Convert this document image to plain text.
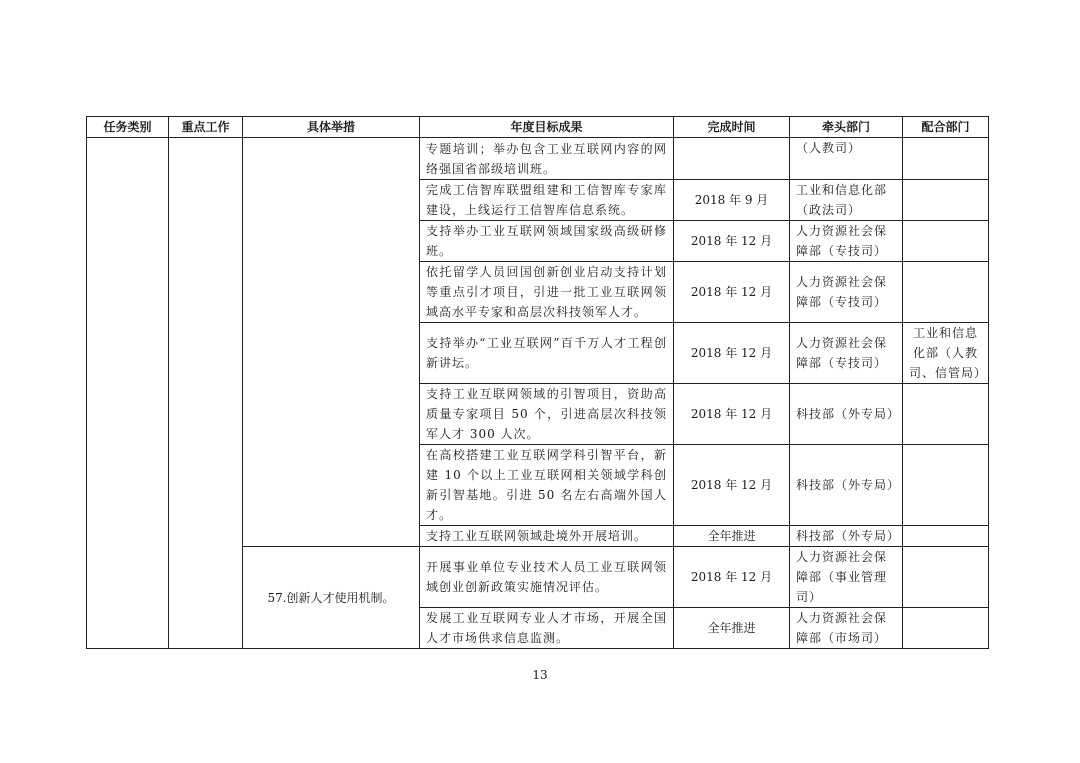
任务类别	重点工作	具体举措	年度目标成果	完成时间	牵头部门	配合部门
			专题培训；举办包含工业互联网内容的网络强国省部级培训班。		（人教司）	
			完成工信智库联盟组建和工信智库专家库建设，上线运行工信智库信息系统。	2018 年 9 月	工业和信息化部（政法司）	
			支持举办工业互联网领域国家级高级研修班。	2018 年 12 月	人力资源社会保障部（专技司）	
			依托留学人员回国创新创业启动支持计划等重点引才项目，引进一批工业互联网领域高水平专家和高层次科技领军人才。	2018 年 12 月	人力资源社会保障部（专技司）	
			支持举办“工业互联网”百千万人才工程创新讲坛。	2018 年 12 月	人力资源社会保障部（专技司）	工业和信息化部（人教司、信管局）
			支持工业互联网领域的引智项目，资助高质量专家项目 50 个，引进高层次科技领军人才 300 人次。	2018 年 12 月	科技部（外专局）	
			在高校搭建工业互联网学科引智平台，新建 10 个以上工业互联网相关领域学科创新引智基地。引进 50 名左右高端外国人才。	2018 年 12 月	科技部（外专局）	
			支持工业互联网领域赴境外开展培训。	全年推进	科技部（外专局）	
		57.创新人才使用机制。	开展事业单位专业技术人员工业互联网领域创业创新政策实施情况评估。	2018 年 12 月	人力资源社会保障部（事业管理司）	
			发展工业互联网专业人才市场，开展全国人才市场供求信息监测。	全年推进	人力资源社会保障部（市场司）	
13
